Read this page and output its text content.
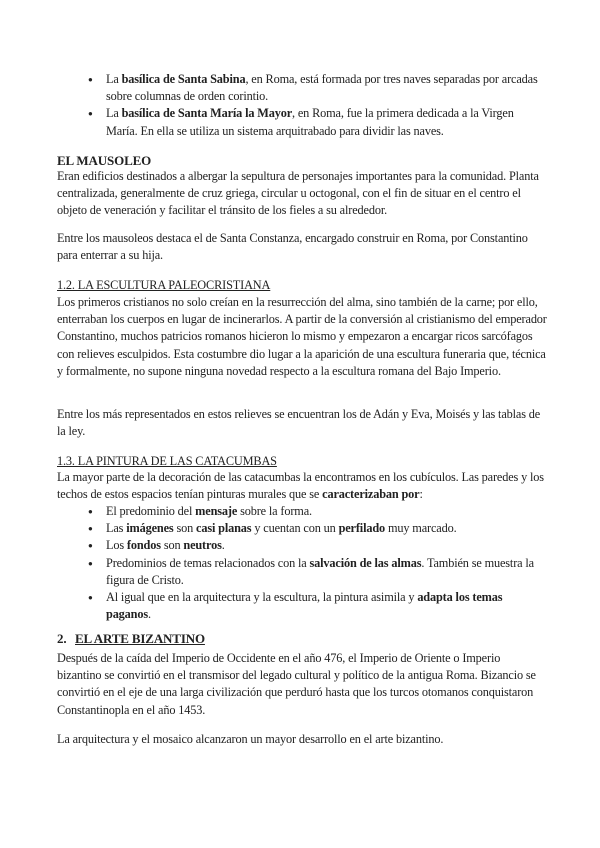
● La basílica de Santa Sabina, en Roma, está formada por tres naves separadas por arcadas sobre columnas de orden corintio.
● La basílica de Santa María la Mayor, en Roma, fue la primera dedicada a la Virgen María. En ella se utiliza un sistema arquitrabado para dividir las naves.
EL MAUSOLEO

Eran edificios destinados a albergar la sepultura de personajes importantes para la comunidad. Planta centralizada, generalmente de cruz griega, circular u octogonal, con el fin de situar en el centro el objeto de veneración y facilitar el tránsito de los fieles a su alrededor.

Entre los mausoleos destaca el de Santa Constanza, encargado construir en Roma, por Constantino para enterrar a su hija.

1.2. LA ESCULTURA PALEOCRISTIANA

Los primeros cristianos no solo creían en la resurrección del alma, sino también de la carne; por ello, enterraban los cuerpos en lugar de incinerarlos. A partir de la conversión al cristianismo del emperador Constantino, muchos patricios romanos hicieron lo mismo y empezaron a encargar ricos sarcófagos con relieves esculpidos. Esta costumbre dio lugar a la aparición de una escultura funeraria que, técnica y formalmente, no supone ninguna novedad respecto a la escultura romana del Bajo Imperio.

Entre los más representados en estos relieves se encuentran los de Adán y Eva, Moisés y las tablas de la ley.

1.3. LA PINTURA DE LAS CATACUMBAS

La mayor parte de la decoración de las catacumbas la encontramos en los cubículos. Las paredes y los techos de estos espacios tenían pinturas murales que se caracterizaban por:

● El predominio del mensaje sobre la forma.
● Las imágenes son casi planas y cuentan con un perfilado muy marcado.
● Los fondos son neutros.
● Predominios de temas relacionados con la salvación de las almas. También se muestra la figura de Cristo.
● Al igual que en la arquitectura y la escultura, la pintura asimila y adapta los temas paganos.
2. EL ARTE BIZANTINO

Después de la caída del Imperio de Occidente en el año 476, el Imperio de Oriente o Imperio bizantino se convirtió en el transmisor del legado cultural y político de la antigua Roma. Bizancio se convirtió en el eje de una larga civilización que perduró hasta que los turcos otomanos conquistaron Constantinopla en el año 1453.

La arquitectura y el mosaico alcanzaron un mayor desarrollo en el arte bizantino.
